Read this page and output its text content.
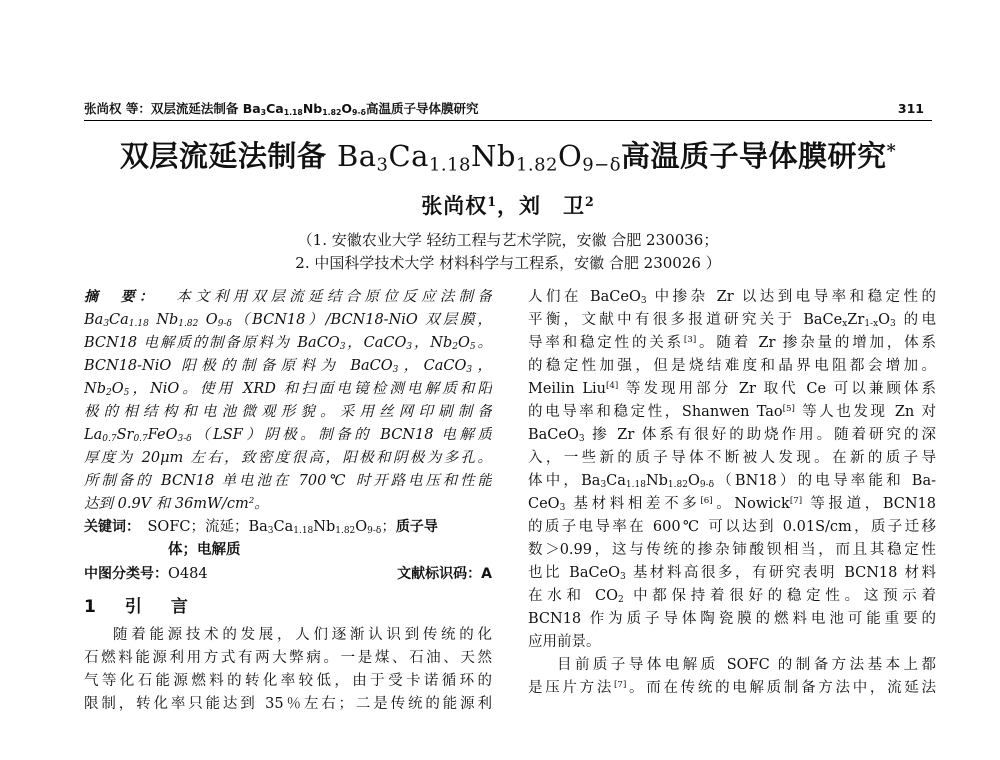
张尚权 等：双层流延法制备 $Ba_3Ca_{1.18}Nb_{1.82}O_{9-\delta}$高温质子导体膜研究	311
双层流延法制备 $Ba_3Ca_{1.18}Nb_{1.82}O_{9-\delta}$高温质子导体膜研究*
张尚权$^1$，刘　卫$^2$
（1. 安徽农业大学 轻纺工程与艺术学院，安徽 合肥 230036；
2. 中国科学技术大学 材料科学与工程系，安徽 合肥 230026 ）
摘　要：　 本文利用双层流延结合原位反应法制备
$Ba_3Ca_{1.18}$ $Nb_{1.82}$ $O_{9-\delta}(BCN18)/BCN18$-NiO 双层膜，
BCN18 电解质的制备原料为 BaCO$_3$，CaCO$_3$，$Nb_2O_5$。
BCN18-NiO 阳极的制备原料为 BaCO$_3$，CaCO$_3$，
$Nb_2O_5$，NiO。使用 XRD 和扫面电镜检测电解质和阳
极的相结构和电池微观形貌。采用丝网印刷制备
$La_{0.7}Sr_{0.7}FeO_{3-\delta}(LSF)$阴极。制备的 BCN18 电解质
厚度为 20μm 左右，致密度很高，阳极和阴极为多孔。
所制备的 BCN18 单电池在 700℃ 时开路电压和性能
达到 0.9V 和 $36mW/cm^2$。
关键词：　SOFC；流延；$Ba_3Ca_{1.18}Nb_{1.82}O_{9-\delta}$；质子导
体；电解质
中图分类号：O484	文献标识码：A
1　 引　言
随着能源技术的发展，人们逐渐认识到传统的化
石燃料能源利用方式有两大弊病。一是煤、石油、天然
气等化石能源燃料的转化率较低，由于受卡诺循环的
限制，转化率只能达到 35％左右；二是传统的能源利
人们在 BaCeO$_3$ 中掺杂 Zr 以达到电导率和稳定性的
平衡，文献中有很多报道研究关于 $BaCe_xZr_{1-x}O_3$ 的电
导率和稳定性的关系[3]。随着 Zr 掺杂量的增加，体系
的稳定性加强，但是烧结难度和晶界电阻都会增加。
Meilin Liu[4] 等发现用部分 Zr 取代 Ce 可以兼顾体系
的电导率和稳定性，Shanwen Tao[5] 等人也发现 Zn 对
BaCeO$_3$ 掺 Zr 体系有很好的助烧作用。随着研究的深
入，一些新的质子导体不断被人发现。在新的质子导
体中，$Ba_3Ca_{1.18}Nb_{1.82}O_{9-\delta}(BN18)$的电导率能和 Ba-
CeO$_3$ 基材料相差不多[6]。Nowick[7] 等报道，BCN18
的质子电导率在 600℃ 可以达到 0.01S/cm，质子迁移
数＞0.99，这与传统的掺杂铈酸钡相当，而且其稳定性
也比 BaCeO$_3$ 基材料高很多，有研究表明 BCN18 材料
在水和 $CO_2$ 中都保持着很好的稳定性。这预示着
BCN18 作为质子导体陶瓷膜的燃料电池可能重要的
应用前景。
目前质子导体电解质 SOFC 的制备方法基本上都
是压片方法[7]。而在传统的电解质制备方法中，流延法
